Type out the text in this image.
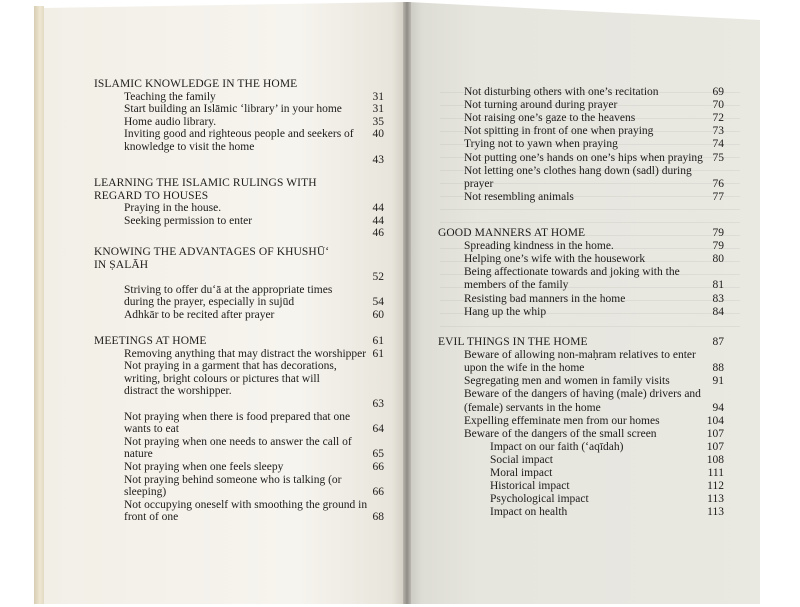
ISLAMIC KNOWLEDGE IN THE HOME
Teaching the family	31
Start building an Islāmic ‘library’ in your home	31
Home audio library.	35
Inviting good and righteous people and seekers of	40
knowledge to visit the home
43
LEARNING THE ISLAMIC RULINGS WITH
REGARD TO HOUSES
Praying in the house.	44
Seeking permission to enter	44
46
KNOWING THE ADVANTAGES OF KHUSHŪ‘
IN ṢALĀH
52
Striving to offer du‘ā at the appropriate times
during the prayer, especially in sujūd	54
Adhkār to be recited after prayer	60
MEETINGS AT HOME	61
Removing anything that may distract the worshipper 61
Not praying in a garment that has decorations,
writing, bright colours or pictures that will
distract the worshipper.
63
Not praying when there is food prepared that one
wants to eat	64
Not praying when one needs to answer the call of
nature	65
Not praying when one feels sleepy	66
Not praying behind someone who is talking (or
sleeping)	66
Not occupying oneself with smoothing the ground in
front of one	68
Not disturbing others with one’s recitation	69
Not turning around during prayer	70
Not raising one’s gaze to the heavens	72
Not spitting in front of one when praying	73
Trying not to yawn when praying	74
Not putting one’s hands on one’s hips when praying 75
Not letting one’s clothes hang down (sadl) during
prayer	76
Not resembling animals	77
GOOD MANNERS AT HOME	79
Spreading kindness in the home.	79
Helping one’s wife with the housework	80
Being affectionate towards and joking with the
members of the family	81
Resisting bad manners in the home	83
Hang up the whip	84
EVIL THINGS IN THE HOME	87
Beware of allowing non-maḥram relatives to enter
upon the wife in the home	88
Segregating men and women in family visits	91
Beware of the dangers of having (male) drivers and
(female) servants in the home	94
Expelling effeminate men from our homes	104
Beware of the dangers of the small screen	107
Impact on our faith (‘aqīdah)	107
Social impact	108
Moral impact	111
Historical impact	112
Psychological impact	113
Impact on health	113
